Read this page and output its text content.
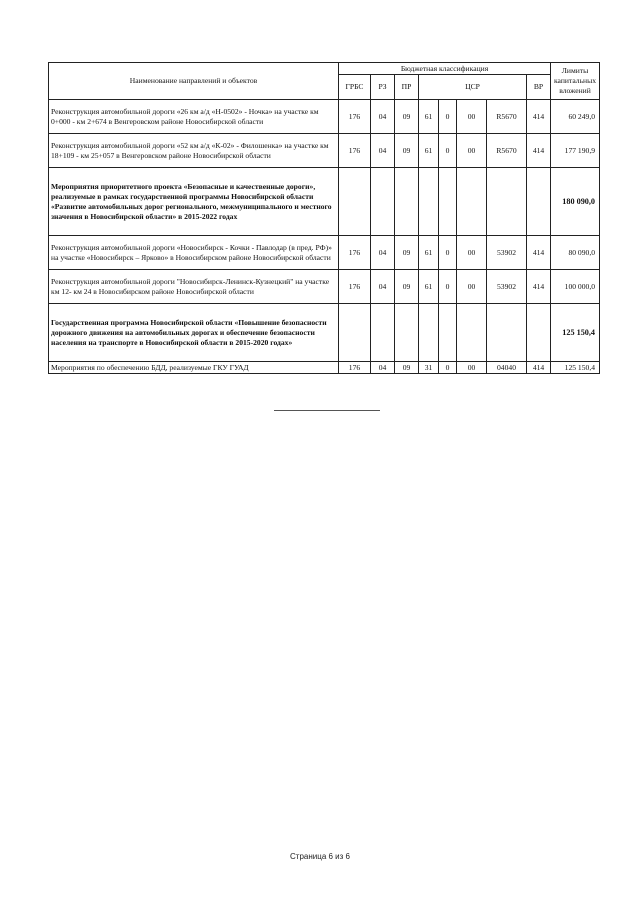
Наименование направлений и объектов	Бюджетная классификация								Лимиты капитальных вложений
	ГРБС	РЗ	ПР	ЦСР				ВР	
Реконструкция автомобильной дороги «26 км а/д «Н-0502» - Ночка» на участке км 0+000 - км 2+674 в Венгеровском районе Новосибирской области	176	04	09	61	0	00	R5670	414	60 249,0
Реконструкция автомобильной дороги «52 км а/д «К-02» - Филошенка» на участке км 18+109 - км 25+057 в Венгеровском районе Новосибирской области	176	04	09	61	0	00	R5670	414	177 190,9
Мероприятия приоритетного проекта «Безопасные и качественные дороги», реализуемые в рамках государственной программы Новосибирской области «Развитие автомобильных дорог регионального, межмуниципального и местного значения в Новосибирской области» в 2015-2022 годах									180 090,0
Реконструкция автомобильной дороги «Новосибирск - Кочки - Павлодар (в пред. РФ)» на участке «Новосибирск – Ярково» в Новосибирском районе Новосибирской области	176	04	09	61	0	00	53902	414	80 090,0
Реконструкция автомобильной дороги "Новосибирск-Ленинск-Кузнецкий" на участке км 12- км 24 в Новосибирском районе Новосибирской области	176	04	09	61	0	00	53902	414	100 000,0
Государственная программа Новосибирской области «Повышение безопасности дорожного движения на автомобильных дорогах и обеспечение безопасности населения на транспорте в Новосибирской области в 2015-2020 годах»									125 150,4
Мероприятия по обеспечению БДД, реализуемые ГКУ ГУАД	176	04	09	31	0	00	04040	414	125 150,4
Страница 6 из 6
